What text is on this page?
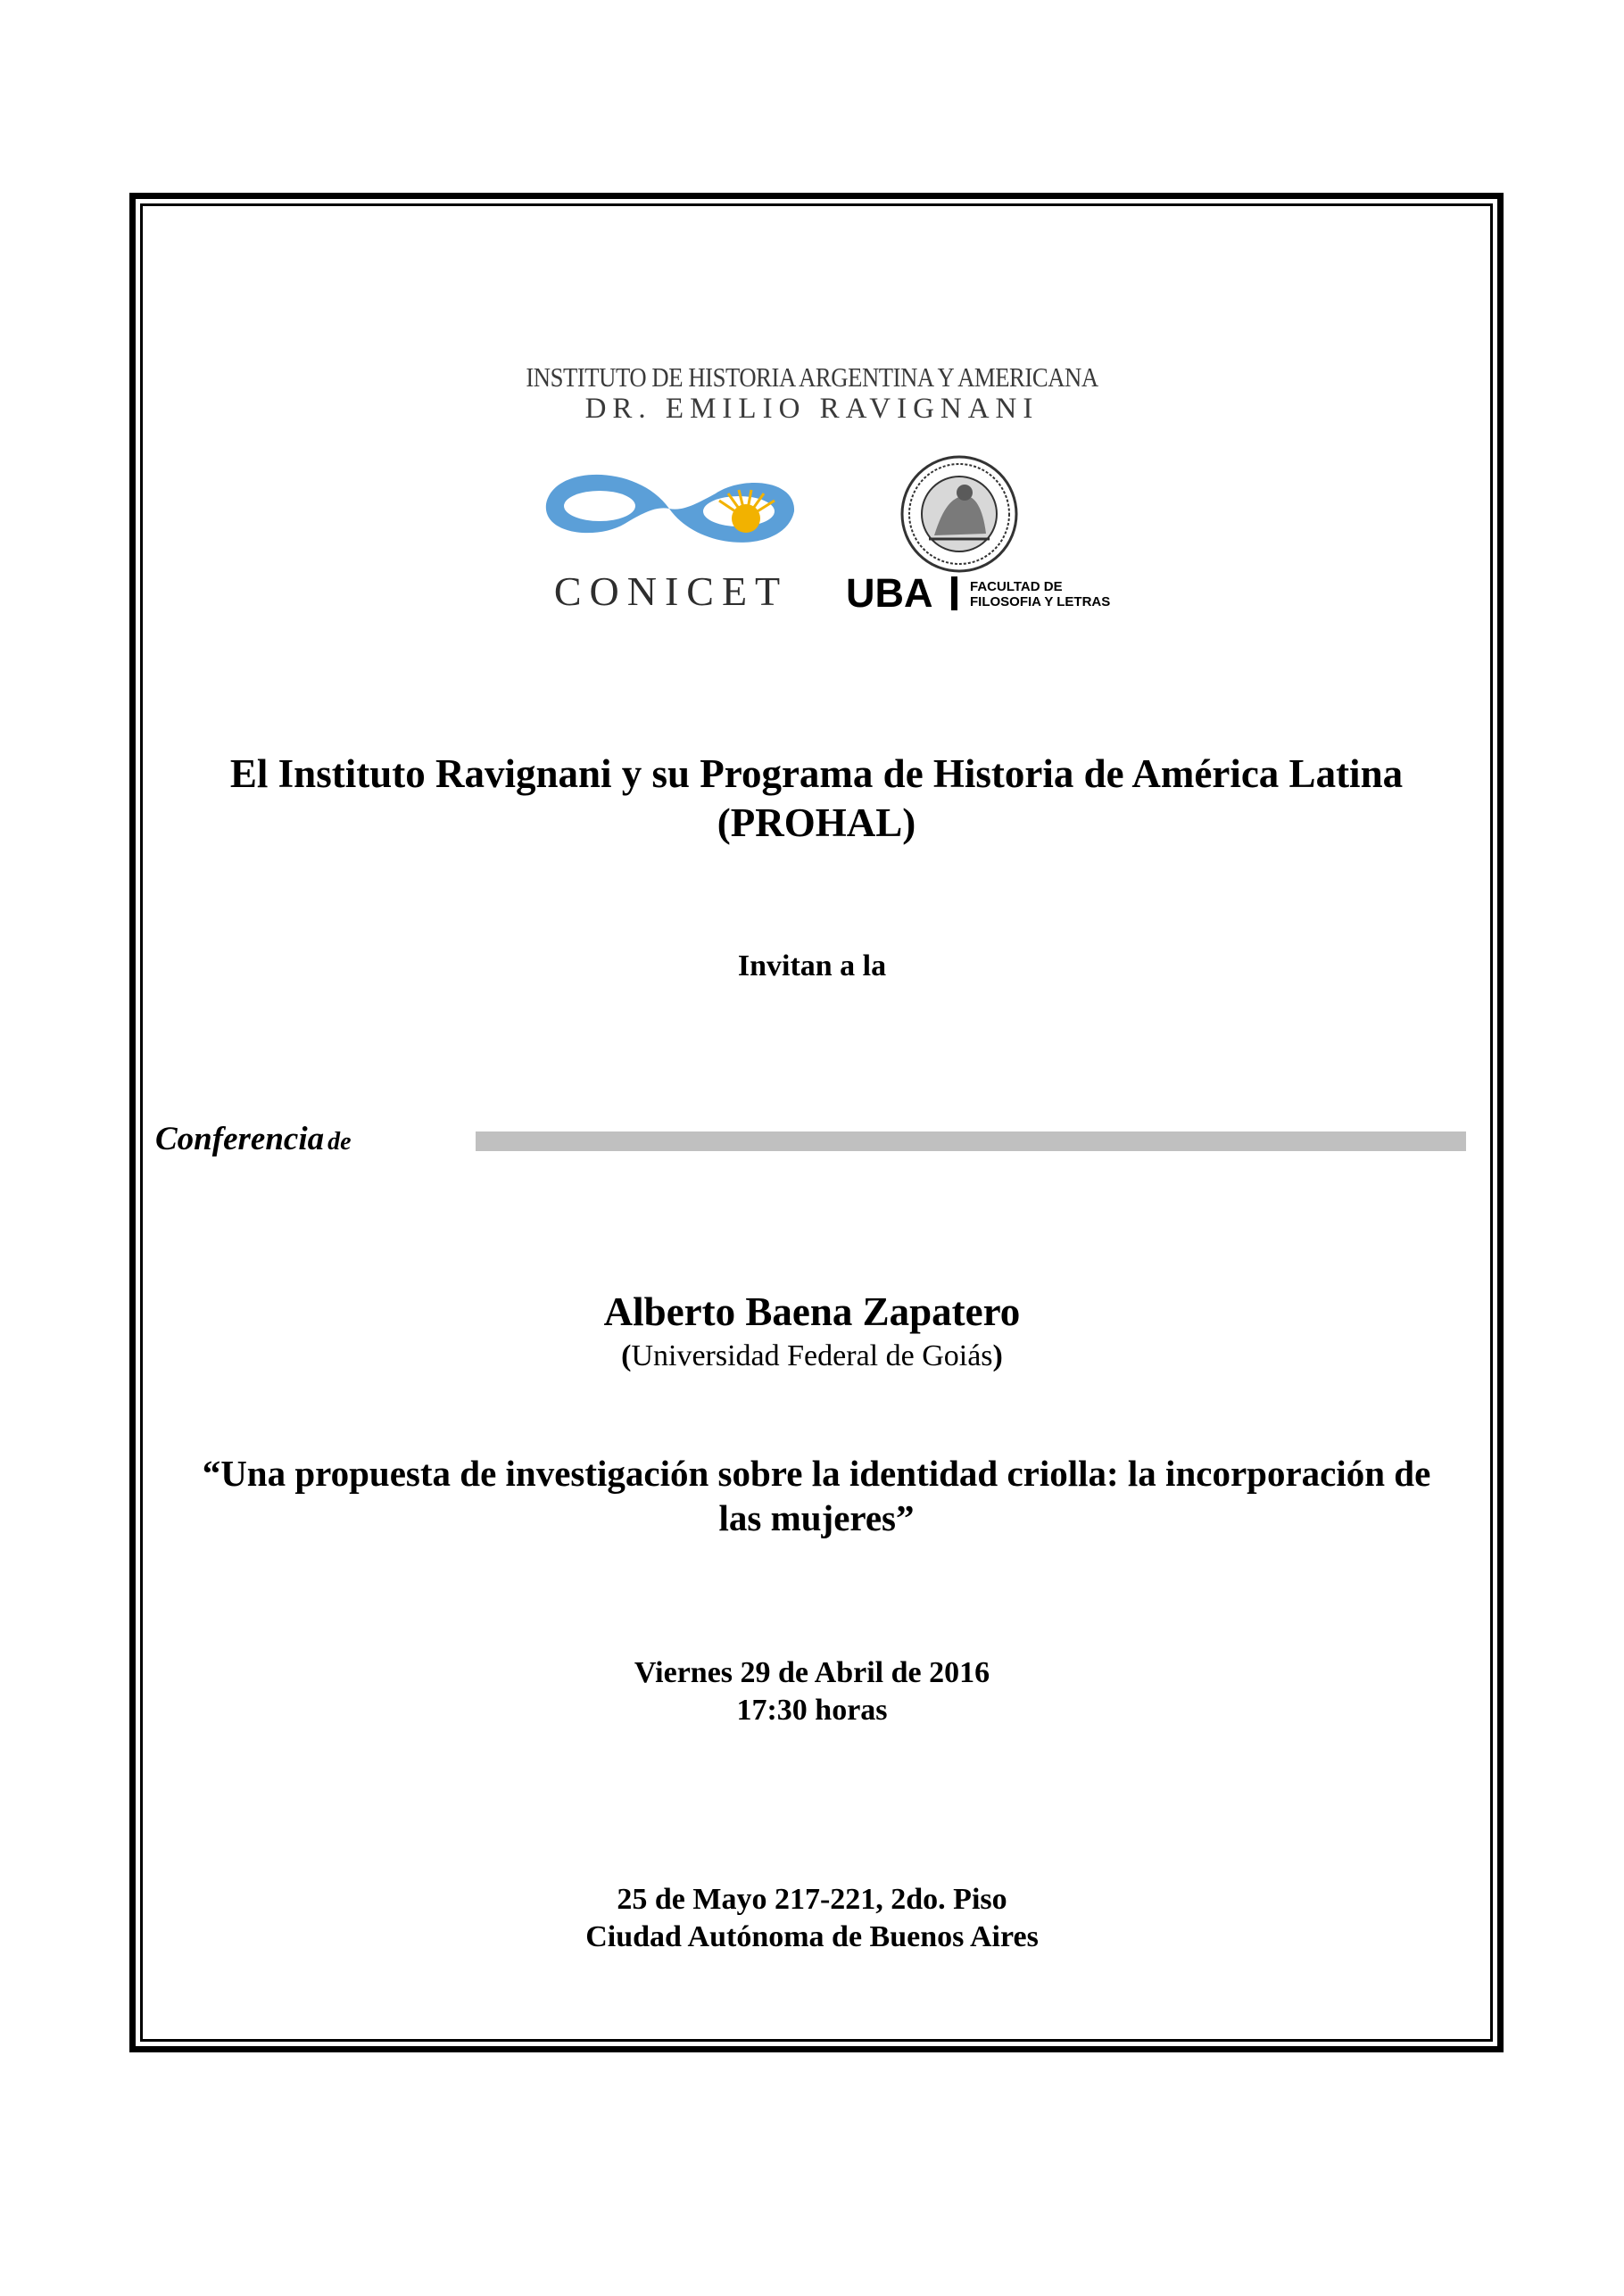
INSTITUTO DE HISTORIA ARGENTINA Y AMERICANA
DR. EMILIO RAVIGNANI
CONICET	UBA	FACULTAD DE
FILOSOFIA Y LETRAS
El Instituto Ravignani y su Programa de Historia de América Latina
(PROHAL)
Invitan a la
Conferencia de
Alberto Baena Zapatero
(Universidad Federal de Goiás)
“Una propuesta de investigación sobre la identidad criolla: la incorporación de
las mujeres”
Viernes 29 de Abril de 2016
17:30 horas
25 de Mayo 217-221, 2do. Piso
Ciudad Autónoma de Buenos Aires
